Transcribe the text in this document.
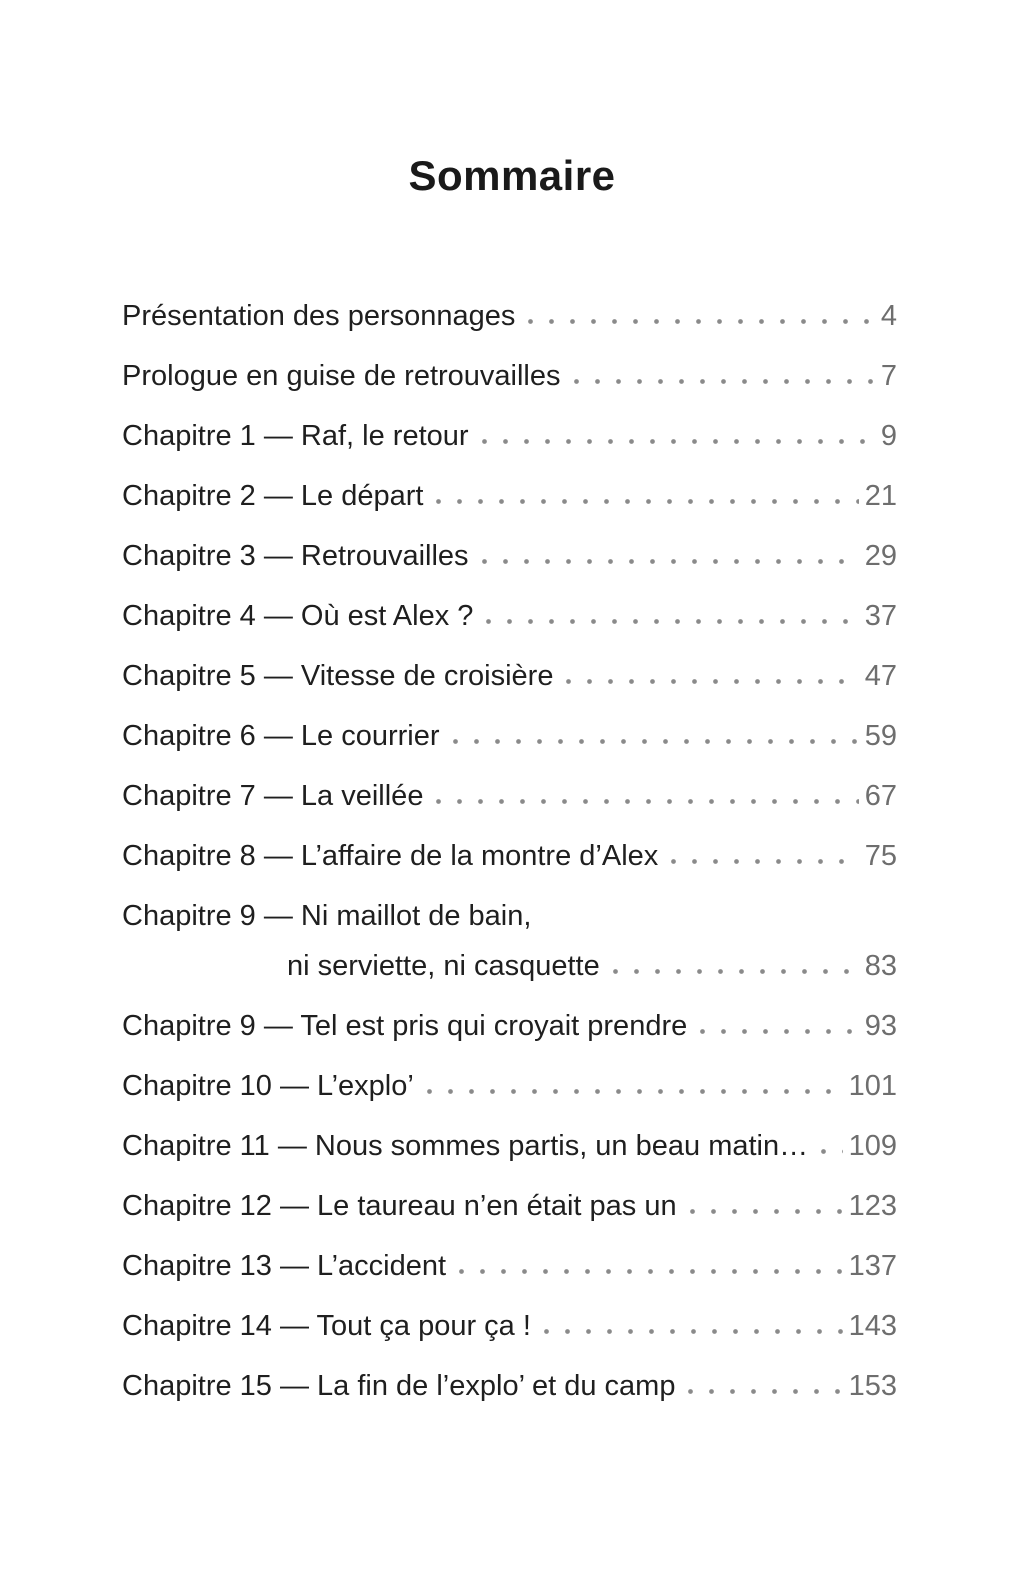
Sommaire
Présentation des personnages	4
Prologue en guise de retrouvailles	7
Chapitre 1 — Raf, le retour	9
Chapitre 2 — Le départ	21
Chapitre 3 — Retrouvailles	29
Chapitre 4 — Où est Alex ?	37
Chapitre 5 — Vitesse de croisière	47
Chapitre 6 — Le courrier	59
Chapitre 7 — La veillée	67
Chapitre 8 — L’affaire de la montre d’Alex	75
Chapitre 9 — Ni maillot de bain,
ni serviette, ni casquette	83
Chapitre 9 — Tel est pris qui croyait prendre	93
Chapitre 10 — L’explo’	101
Chapitre 11 — Nous sommes partis, un beau matin… 109
Chapitre 12 — Le taureau n’en était pas un	123
Chapitre 13 — L’accident	137
Chapitre 14 — Tout ça pour ça !	143
Chapitre 15 — La fin de l’explo’ et du camp	153
